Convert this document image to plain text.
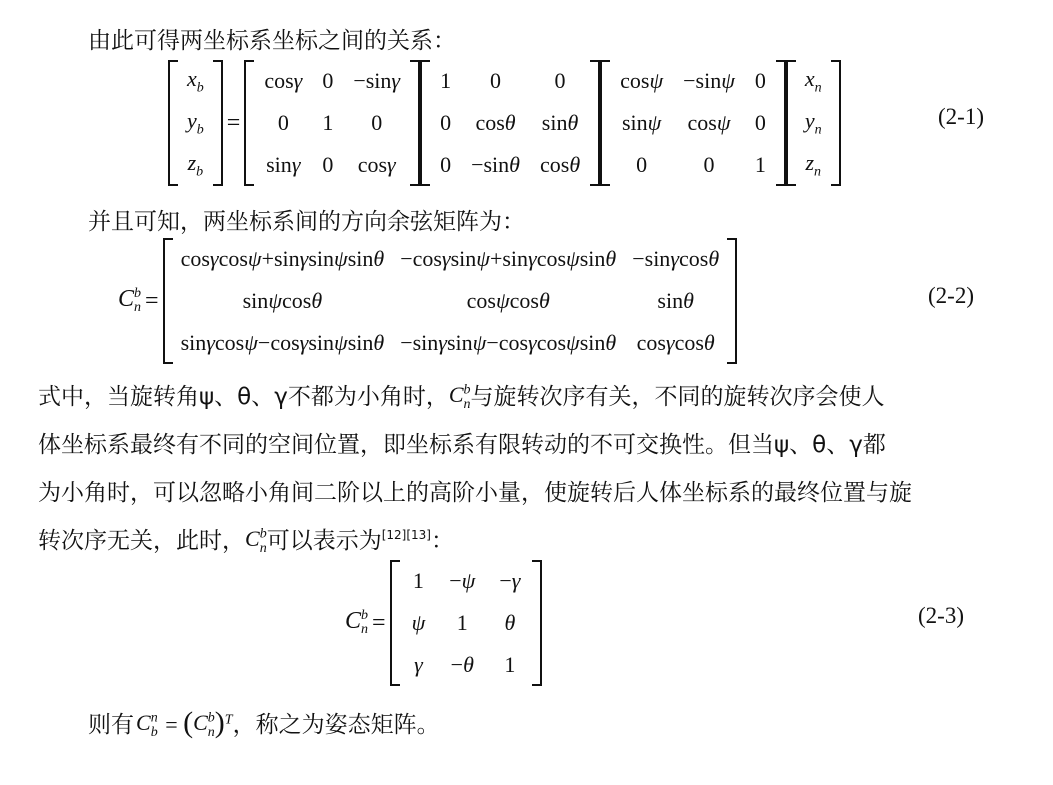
由此可得两坐标系坐标之间的关系：
$x_b$
$y_b$
$z_b$
=
cosγ	0	−sinγ
0	1	0
sinγ	0	cosγ
1	0	0
0	cosθ	sinθ
0	−sinθ	cosθ
cosψ	−sinψ	0
sinψ	cosψ	0
0	0	1
$x_n$
$y_n$
$z_n$
(2-1)
并且可知，两坐标系间的方向余弦矩阵为：
$C^b_n$ =
cosγcosψ+sinγsinψsinθ	−cosγsinψ+sinγcosψsinθ	−sinγcosθ
sinψcosθ	cosψcosθ	sinθ
sinγcosψ−cosγsinψsinθ	−sinγsinψ−cosγcosψsinθ	cosγcosθ
(2-2)
式中，当旋转角ψ、θ、γ不都为小角时，$C^b_n$与旋转次序有关，不同的旋转次序会使人
体坐标系最终有不同的空间位置，即坐标系有限转动的不可交换性。但当ψ、θ、γ都
为小角时，可以忽略小角间二阶以上的高阶小量，使旋转后人体坐标系的最终位置与旋
转次序无关，此时，$C^b_n$可以表示为[12][13]：
$C^b_n$ =
1	−ψ	−γ
ψ	1	θ
γ	−θ	1
(2-3)
则有$C^n_b = (C^b_n)^T$，称之为姿态矩阵。
